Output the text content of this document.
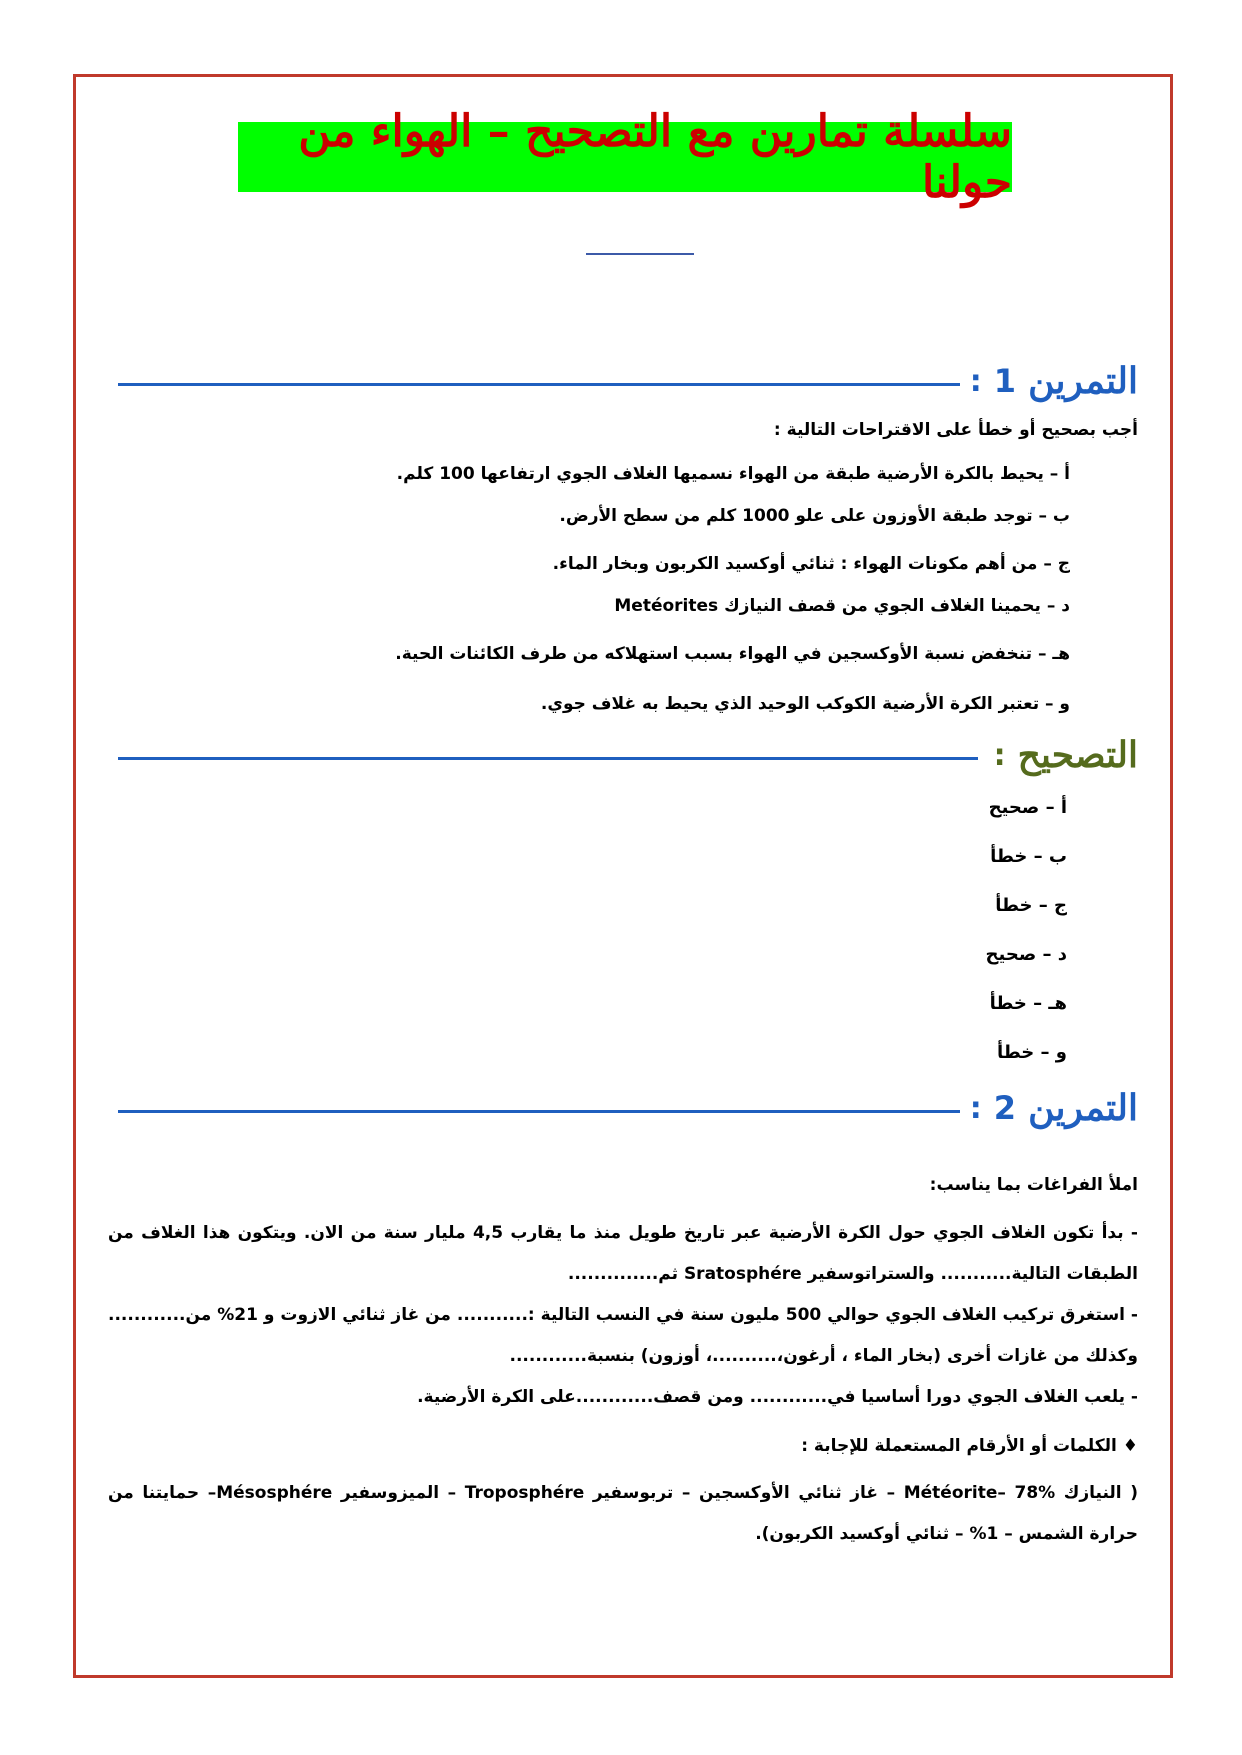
سلسلة تمارين مع التصحيح – الهواء من حولنا
التمرين
1
:
أجب بصحيح أو خطأ على الاقتراحات التالية :
أ – يحيط بالكرة الأرضية طبقة من الهواء نسميها الغلاف الجوي ارتفاعها 100 كلم.
ب – توجد طبقة الأوزون على علو 1000 كلم من سطح الأرض.
ج – من أهم مكونات الهواء : ثنائي أوكسيد الكربون وبخار الماء.
د – يحمينا الغلاف الجوي من قصف النيازك Metéorites
هـ – تنخفض نسبة الأوكسجين في الهواء بسبب استهلاكه من طرف الكائنات الحية.
و – تعتبر الكرة الأرضية الكوكب الوحيد الذي يحيط به غلاف جوي.
التصحيح
:
أ – صحيح
ب – خطأ
ج – خطأ
د – صحيح
هـ – خطأ
و – خطأ
التمرين
2
:
املأ الفراغات بما يناسب:
- بدأ تكون الغلاف الجوي حول الكرة الأرضية عبر تاريخ طويل منذ ما يقارب 4,5 مليار سنة من الان. ويتكون هذا الغلاف من الطبقات التالية........... والستراتوسفير Sratosphére ثم..............
- استغرق تركيب الغلاف الجوي حوالي 500 مليون سنة في النسب التالية :........... من غاز ثنائي الازوت و 21% من............ وكذلك من غازات أخرى (بخار الماء ، أرغون،..........، أوزون) بنسبة............
- يلعب الغلاف الجوي دورا أساسيا في............ ومن قصف............على الكرة الأرضية.
♦ الكلمات أو الأرقام المستعملة للإجابة :
( النيازك Météorite– 78% – غاز ثنائي الأوكسجين – تربوسفير Troposphére – الميزوسفير Mésosphére– حمايتنا من حرارة الشمس – 1% – ثنائي أوكسيد الكربون).
